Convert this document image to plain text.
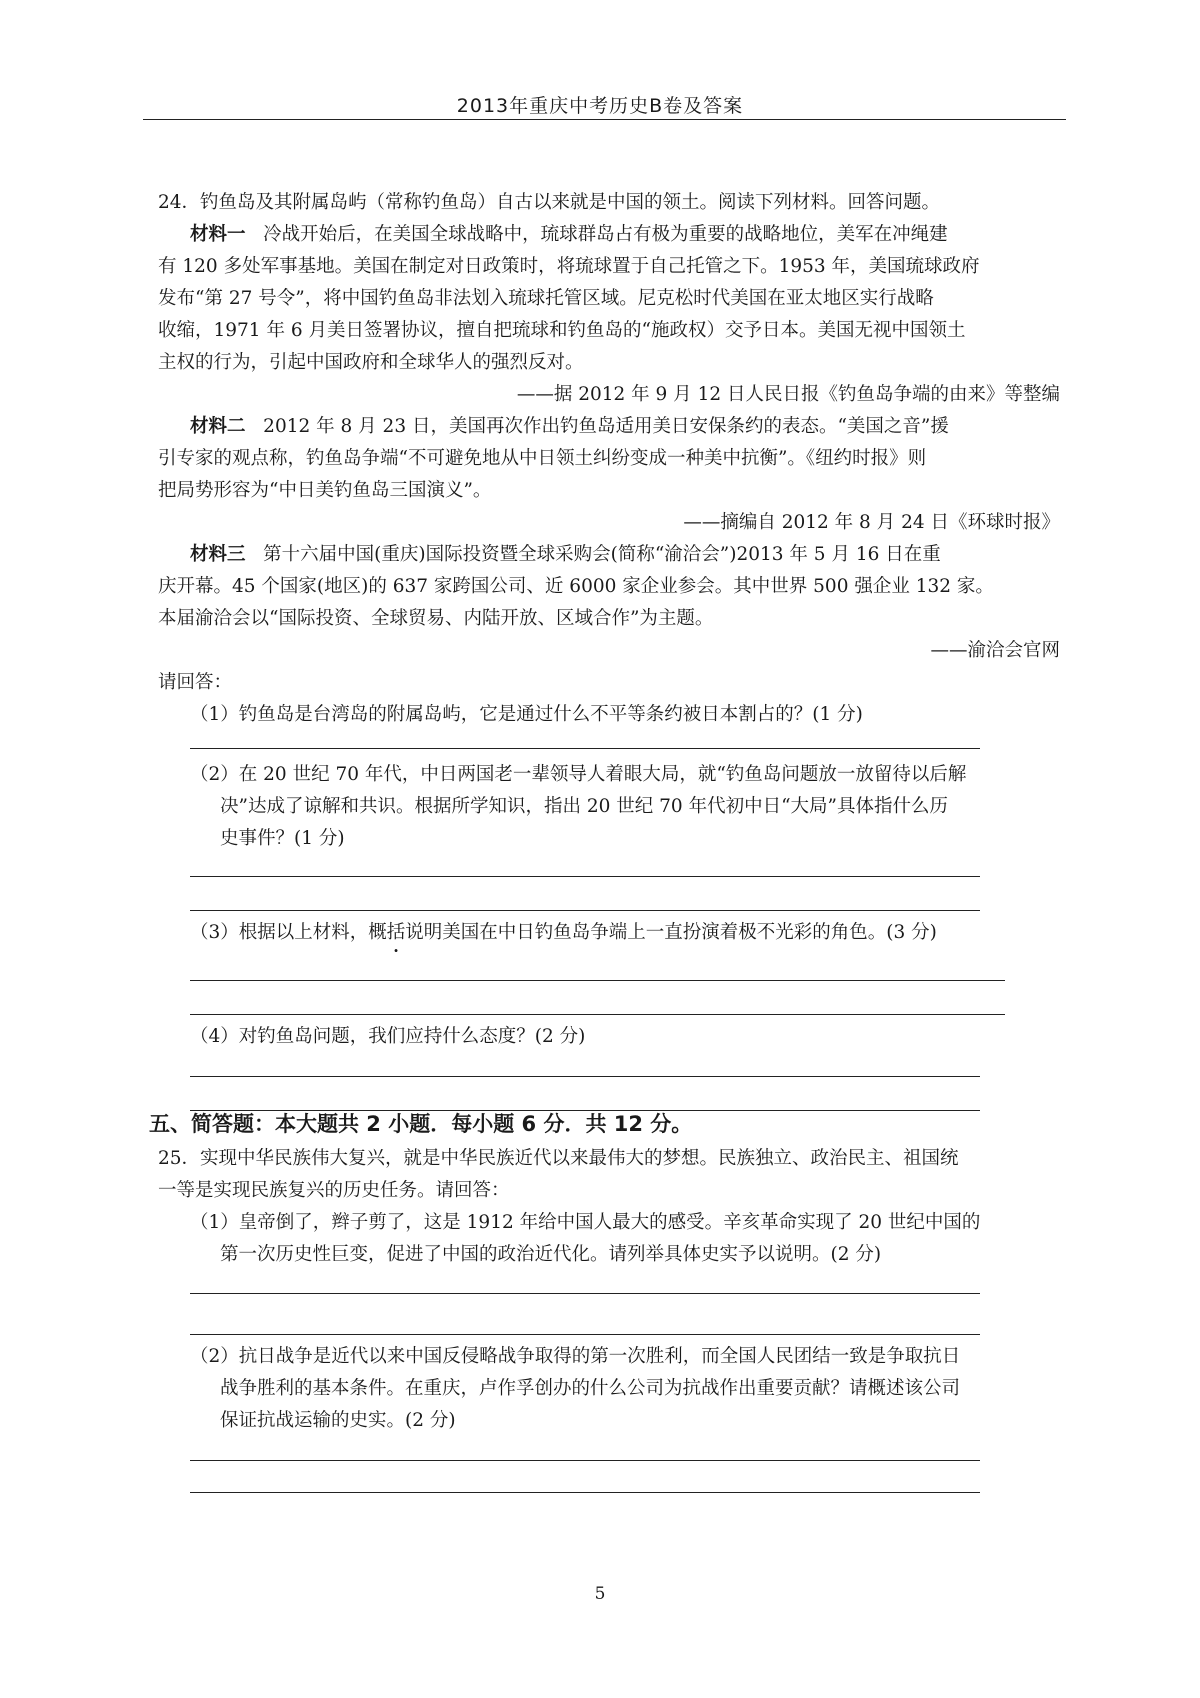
2013年重庆中考历史B卷及答案
24．钓鱼岛及其附属岛屿（常称钓鱼岛）自古以来就是中国的领土。阅读下列材料。回答问题。
材料一 冷战开始后，在美国全球战略中，琉球群岛占有极为重要的战略地位，美军在冲绳建
有 120 多处军事基地。美国在制定对日政策时，将琉球置于自己托管之下。1953 年，美国琉球政府
发布“第 27 号令”，将中国钓鱼岛非法划入琉球托管区域。尼克松时代美国在亚太地区实行战略
收缩，1971 年 6 月美日签署协议，擅自把琉球和钓鱼岛的“施政权）交予日本。美国无视中国领土
主权的行为，引起中国政府和全球华人的强烈反对。
——据 2012 年 9 月 12 日人民日报《钓鱼岛争端的由来》等整编
材料二 2012 年 8 月 23 日，美国再次作出钓鱼岛适用美日安保条约的表态。“美国之音”援
引专家的观点称，钓鱼岛争端“不可避免地从中日领土纠纷变成一种美中抗衡”。《纽约时报》则
把局势形容为“中日美钓鱼岛三国演义”。
——摘编自 2012 年 8 月 24 日《环球时报》
材料三 第十六届中国(重庆)国际投资暨全球采购会(简称“渝洽会”)2013 年 5 月 16 日在重
庆开幕。45 个国家(地区)的 637 家跨国公司、近 6000 家企业参会。其中世界 500 强企业 132 家。
本届渝洽会以“国际投资、全球贸易、内陆开放、区域合作”为主题。
——渝洽会官网
请回答：
（1）钓鱼岛是台湾岛的附属岛屿，它是通过什么不平等条约被日本割占的？(1 分)
（2）在 20 世纪 70 年代，中日两国老一辈领导人着眼大局，就“钓鱼岛问题放一放留待以后解
决”达成了谅解和共识。根据所学知识，指出 20 世纪 70 年代初中日“大局”具体指什么历
史事件？(1 分)
（3）根据以上材料，概括说明美国在中日钓鱼岛争端上一直扮演着极不光彩的角色。(3 分)
（4）对钓鱼岛问题，我们应持什么态度？(2 分)
五、简答题：本大题共 2 小题．每小题 6 分．共 12 分。
25．实现中华民族伟大复兴，就是中华民族近代以来最伟大的梦想。民族独立、政治民主、祖国统
一等是实现民族复兴的历史任务。请回答：
（1）皇帝倒了，辫子剪了，这是 1912 年给中国人最大的感受。辛亥革命实现了 20 世纪中国的
第一次历史性巨变，促进了中国的政治近代化。请列举具体史实予以说明。(2 分)
（2）抗日战争是近代以来中国反侵略战争取得的第一次胜利，而全国人民团结一致是争取抗日
战争胜利的基本条件。在重庆，卢作孚创办的什么公司为抗战作出重要贡献？请概述该公司
保证抗战运输的史实。(2 分)
5
